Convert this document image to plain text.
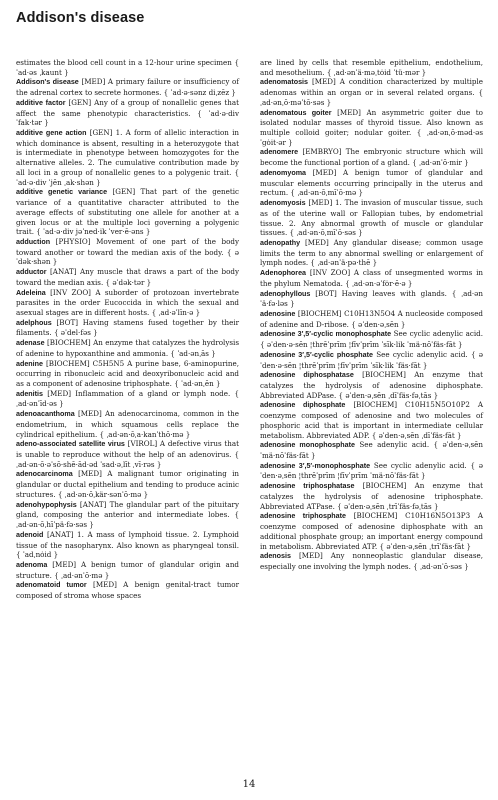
Addison's disease

estimates the blood cell count in a 12-hour urine specimen { ˈad·əs ˌkaunt }

Addison's disease [MED] A primary failure or insufficiency of the adrenal cortex to secrete hormones. { ˈad·ə·sənz diˌzēz }

additive factor [GEN] Any of a group of nonallelic genes that affect the same phenotypic characteristics. { ˈad·ə·div ˈfak·tər }

additive gene action [GEN] 1. A form of allelic interaction in which dominance is absent, resulting in a heterozygote that is intermediate in phenotype between homozygotes for the alternative alleles. 2. The cumulative contribution made by all loci in a group of nonallelic genes to a polygenic trait. { ˈad·ə·div ˈjēn ˌak·shən }

additive genetic variance [GEN] That part of the genetic variance of a quantitative character attributed to the average effects of substituting one allele for another at a given locus or at the multiple loci governing a polygenic trait. { ˈad·ə·div jəˈned·ik ˈver·ē·əns }

adduction [PHYSIO] Movement of one part of the body toward another or toward the median axis of the body. { əˈdək·shən }

adductor [ANAT] Any muscle that draws a part of the body toward the median axis. { əˈdək·tər }

Adeleina [INV ZOO] A suborder of protozoan invertebrate parasites in the order Eucoccida in which the sexual and asexual stages are in different hosts. { ˌad·əˈlīn·ə }

adelphous [BOT] Having stamens fused together by their filaments. { əˈdel·fəs }

adenase [BIOCHEM] An enzyme that catalyzes the hydrolysis of adenine to hypoxanthine and ammonia. { ˈad·ənˌās }

adenine [BIOCHEM] C5H5N5 A purine base, 6-aminopurine, occurring in ribonucleic acid and deoxyribonucleic acid and as a component of adenosine triphosphate. { ˈad·ənˌēn }

adenitis [MED] Inflammation of a gland or lymph node. { ˌad·ənˈīd·əs }

adenoacanthoma [MED] An adenocarcinoma, common in the endometrium, in which squamous cells replace the cylindrical epithelium. { ˌad·ən·ōˌa·kanˈthō·mə }

adeno-associated satellite virus [VIROL] A defective virus that is unable to reproduce without the help of an adenovirus. { ˌad·ən·ō·əˈsō·shē·ād·əd ˈsad·əˌlīt ˌvī·rəs }

adenocarcinoma [MED] A malignant tumor originating in glandular or ductal epithelium and tending to produce acinic structures. { ˌad·ən·ōˌkär·sənˈō·mə }

adenohypophysis [ANAT] The glandular part of the pituitary gland, composing the anterior and intermediate lobes. { ˌad·ən·ōˌhīˈpä·fə·səs }

adenoid [ANAT] 1. A mass of lymphoid tissue. 2. Lymphoid tissue of the nasopharynx. Also known as pharyngeal tonsil. { ˈadˌnȯid }

adenoma [MED] A benign tumor of glandular origin and structure. { ˌad·ənˈō·mə }

adenomatoid tumor [MED] A benign genital-tract tumor composed of stroma whose spaces

are lined by cells that resemble epithelium, endothelium, and mesothelium. { ˌad·ənˈä·məˌtȯid ˈtü·mər }

adenomatosis [MED] A condition characterized by multiple adenomas within an organ or in several related organs. { ˌad·ənˌō·məˈtō·səs }

adenomatous goiter [MED] An asymmetric goiter due to isolated nodular masses of thyroid tissue. Also known as multiple colloid goiter; nodular goiter. { ˌad·ənˌō·məd·əs ˈgȯit·ər }

adenomere [EMBRYO] The embryonic structure which will become the functional portion of a gland. { ˌad·ənˈō·mir }

adenomyoma [MED] A benign tumor of glandular and muscular elements occurring principally in the uterus and rectum. { ˌad·ən·ōˌmīˈō·mə }

adenomyosis [MED] 1. The invasion of muscular tissue, such as of the uterine wall or Fallopian tubes, by endometrial tissue. 2. Any abnormal growth of muscle or glandular tissues. { ˌad·ən·ōˌmīˈō·səs }

adenopathy [MED] Any glandular disease; common usage limits the term to any abnormal swelling or enlargement of lymph nodes. { ˌad·ənˈä·pə·thē }

Adenophorea [INV ZOO] A class of unsegmented worms in the phylum Nematoda. { ˌad·ən·əˈfȯr·ē·ə }

adenophyllous [BOT] Having leaves with glands. { ˌad·ənˈä·fə·ləs }

adenosine [BIOCHEM] C10H13N5O4 A nucleoside composed of adenine and D-ribose. { əˈden·əˌsēn }

adenosine 3′,5′-cyclic monophosphate See cyclic adenylic acid. { əˈden·ə·sēn ¦thrēˈprīm ¦fīvˈprīm ˈsīk·lik ˈmä·nōˈfäs·fāt }

adenosine 3′,5′-cyclic phosphate See cyclic adenylic acid. { əˈden·ə·sēn ¦thrēˈprīm ¦fīvˈprīm ˈsīk·lik ˈfäs·fāt }

adenosine diphosphatase [BIOCHEM] An enzyme that catalyzes the hydrolysis of adenosine diphosphate. Abbreviated ADPase. { əˈden·əˌsēn ˌdīˈfäs·fəˌtās }

adenosine diphosphate [BIOCHEM] C10H15N5O10P2 A coenzyme composed of adenosine and two molecules of phosphoric acid that is important in intermediate cellular metabolism. Abbreviated ADP. { əˈden·əˌsēn ˌdīˈfäs·fāt }

adenosine monophosphate See adenylic acid. { əˈden·əˌsēn ˈmä·nōˈfäs·fāt }

adenosine 3′,5′-monophosphate See cyclic adenylic acid. { əˈden·əˌsēn ¦thrēˈprīm ¦fīvˈprīm ˈmä·nōˈfäs·fāt }

adenosine triphosphatase [BIOCHEM] An enzyme that catalyzes the hydrolysis of adenosine triphosphate. Abbreviated ATPase. { əˈden·əˌsēn ˌtrīˈfäs·fəˌtās }

adenosine triphosphate [BIOCHEM] C10H16N5O13P3 A coenzyme composed of adenosine diphosphate with an additional phosphate group; an important energy compound in metabolism. Abbreviated ATP. { əˈden·əˌsēn ˌtrīˈfäs·fāt }

adenosis [MED] Any nonneoplastic glandular disease, especially one involving the lymph nodes. { ˌad·ənˈō·səs }

14
